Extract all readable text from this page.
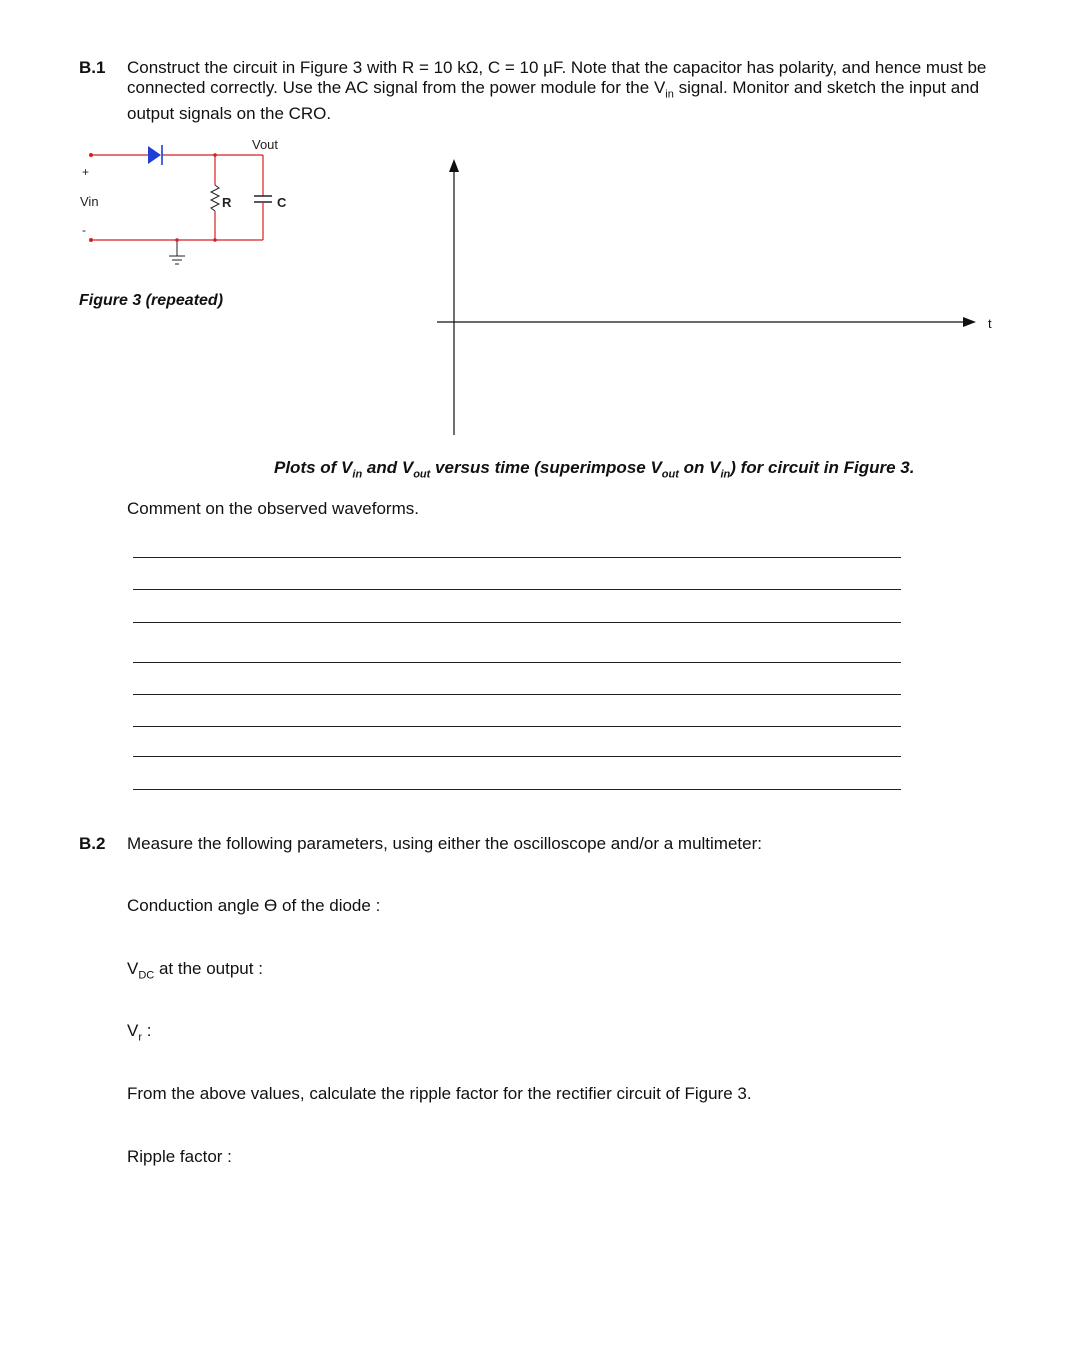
B.1 Construct the circuit in Figure 3 with R = 10 kΩ, C = 10 µF. Note that the capacitor has polarity, and hence must be connected correctly. Use the AC signal from the power module for the $V_{in}$ signal. Monitor and sketch the input and output signals on the CRO.
Vout
+
Vin
-
R	C
Figure 3 (repeated)
t
Plots of $V_{in}$ and $V_{out}$ versus time (superimpose $V_{out}$ on $V_{in}$) for circuit in Figure 3.
Comment on the observed waveforms.
B.2 Measure the following parameters, using either the oscilloscope and/or a multimeter:
Conduction angle ϴ of the diode :
$V_{DC}$ at the output :
$V_r$ :
From the above values, calculate the ripple factor for the rectifier circuit of Figure 3.
Ripple factor :
